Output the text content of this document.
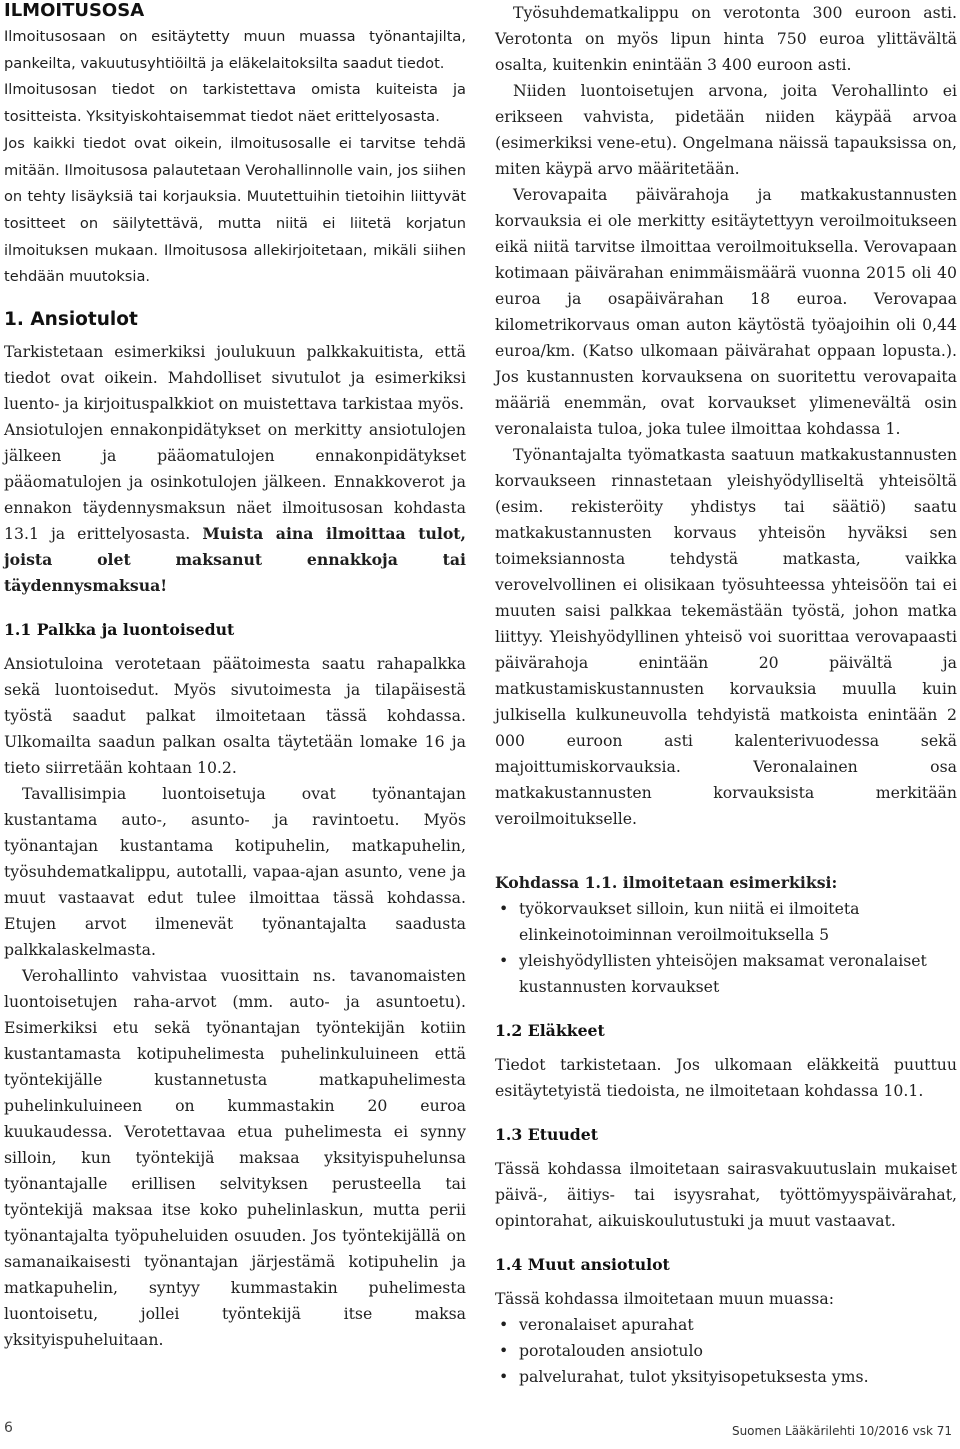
ILMOITUSOSA

Ilmoitusosaan on esitäytetty muun muassa työnantajilta, pankeilta, vakuutusyhtiöiltä ja eläkelaitoksilta saadut tiedot.

Ilmoitusosan tiedot on tarkistettava omista kuiteista ja tositteista. Yksityiskohtaisemmat tiedot näet erittelyosasta.

Jos kaikki tiedot ovat oikein, ilmoitusosalle ei tarvitse tehdä mitään. Ilmoitusosa palautetaan Verohallinnolle vain, jos siihen on tehty lisäyksiä tai korjauksia. Muutettuihin tietoihin liittyvät tositteet on säilytettävä, mutta niitä ei liitetä korjatun ilmoituksen mukaan. Ilmoitusosa allekirjoitetaan, mikäli siihen tehdään muutoksia.

1. Ansiotulot

Tarkistetaan esimerkiksi joulukuun palkkakuitista, että tiedot ovat oikein. Mahdolliset sivutulot ja esimerkiksi luento- ja kirjoituspalkkiot on muistettava tarkistaa myös.

Ansiotulojen ennakonpidätykset on merkitty ansiotulojen jälkeen ja pääomatulojen ennakonpidätykset pääomatulojen ja osinkotulojen jälkeen. Ennakkoverot ja ennakon täydennysmaksun näet ilmoitusosan kohdasta 13.1 ja erittelyosasta. Muista aina ilmoittaa tulot, joista olet maksanut ennakkoja tai täydennysmaksua!

1.1 Palkka ja luontoisedut

Ansiotuloina verotetaan päätoimesta saatu rahapalkka sekä luontoisedut. Myös sivutoimesta ja tilapäisestä työstä saadut palkat ilmoitetaan tässä kohdassa. Ulkomailta saadun palkan osalta täytetään lomake 16 ja tieto siirretään kohtaan 10.2.

Tavallisimpia luontoisetuja ovat työnantajan kustantama auto-, asunto- ja ravintoetu. Myös työnantajan kustantama kotipuhelin, matkapuhelin, työsuhdematkalippu, autotalli, vapaa-ajan asunto, vene ja muut vastaavat edut tulee ilmoittaa tässä kohdassa. Etujen arvot ilmenevät työnantajalta saadusta palkkalaskelmasta.

Verohallinto vahvistaa vuosittain ns. tavanomaisten luontoisetujen raha-arvot (mm. auto- ja asuntoetu). Esimerkiksi etu sekä työnantajan työntekijän kotiin kustantamasta kotipuhelimesta puhelinkuluineen että työntekijälle kustannetusta matkapuhelimesta puhelinkuluineen on kummastakin 20 euroa kuukaudessa. Verotettavaa etua puhelimesta ei synny silloin, kun työntekijä maksaa yksityispuhelunsa työnantajalle erillisen selvityksen perusteella tai työntekijä maksaa itse koko puhelinlaskun, mutta perii työnantajalta työpuheluiden osuuden. Jos työntekijällä on samanaikaisesti työnantajan järjestämä kotipuhelin ja matkapuhelin, syntyy kummastakin puhelimesta luontoisetu, jollei työntekijä itse maksa yksityispuheluitaan.

Työsuhdematkalippu on verotonta 300 euroon asti. Verotonta on myös lipun hinta 750 euroa ylittävältä osalta, kuitenkin enintään 3 400 euroon asti.

Niiden luontoisetujen arvona, joita Verohallinto ei erikseen vahvista, pidetään niiden käypää arvoa (esimerkiksi vene-etu). Ongelmana näissä tapauksissa on, miten käypä arvo määritetään.

Verovapaita päivärahoja ja matkakustannusten korvauksia ei ole merkitty esitäytettyyn veroilmoitukseen eikä niitä tarvitse ilmoittaa veroilmoituksella. Verovapaan kotimaan päivärahan enimmäismäärä vuonna 2015 oli 40 euroa ja osapäivärahan 18 euroa. Verovapaa kilometrikorvaus oman auton käytöstä työajoihin oli 0,44 euroa/km. (Katso ulkomaan päivärahat oppaan lopusta.). Jos kustannusten korvauksena on suoritettu verovapaita määriä enemmän, ovat korvaukset ylimenevältä osin veronalaista tuloa, joka tulee ilmoittaa kohdassa 1.

Työnantajalta työmatkasta saatuun matkakustannusten korvaukseen rinnastetaan yleishyödylliseltä yhteisöltä (esim. rekisteröity yhdistys tai säätiö) saatu matkakustannusten korvaus yhteisön hyväksi sen toimeksiannosta tehdystä matkasta, vaikka verovelvollinen ei olisikaan työsuhteessa yhteisöön tai ei muuten saisi palkkaa tekemästään työstä, johon matka liittyy. Yleishyödyllinen yhteisö voi suorittaa verovapaasti päivärahoja enintään 20 päivältä ja matkustamiskustannusten korvauksia muulla kuin julkisella kulkuneuvolla tehdyistä matkoista enintään 2 000 euroon asti kalenterivuodessa sekä majoittumiskorvauksia. Veronalainen osa matkakustannusten korvauksista merkitään veroilmoitukselle.

Kohdassa 1.1. ilmoitetaan esimerkiksi:
• työkorvaukset silloin, kun niitä ei ilmoiteta elinkeinotoiminnan veroilmoituksella 5
• yleishyödyllisten yhteisöjen maksamat veronalaiset kustannusten korvaukset
1.2 Eläkkeet

Tiedot tarkistetaan. Jos ulkomaan eläkkeitä puuttuu esitäytetyistä tiedoista, ne ilmoitetaan kohdassa 10.1.

1.3 Etuudet

Tässä kohdassa ilmoitetaan sairasvakuutuslain mukaiset päivä-, äitiys- tai isyysrahat, työttömyyspäivärahat, opintorahat, aikuiskoulutustuki ja muut vastaavat.

1.4 Muut ansiotulot

Tässä kohdassa ilmoitetaan muun muassa:

• veronalaiset apurahat
• porotalouden ansiotulo
• palvelurahat, tulot yksityisopetuksesta yms.
6	Suomen Lääkärilehti 10/2016 vsk 71
